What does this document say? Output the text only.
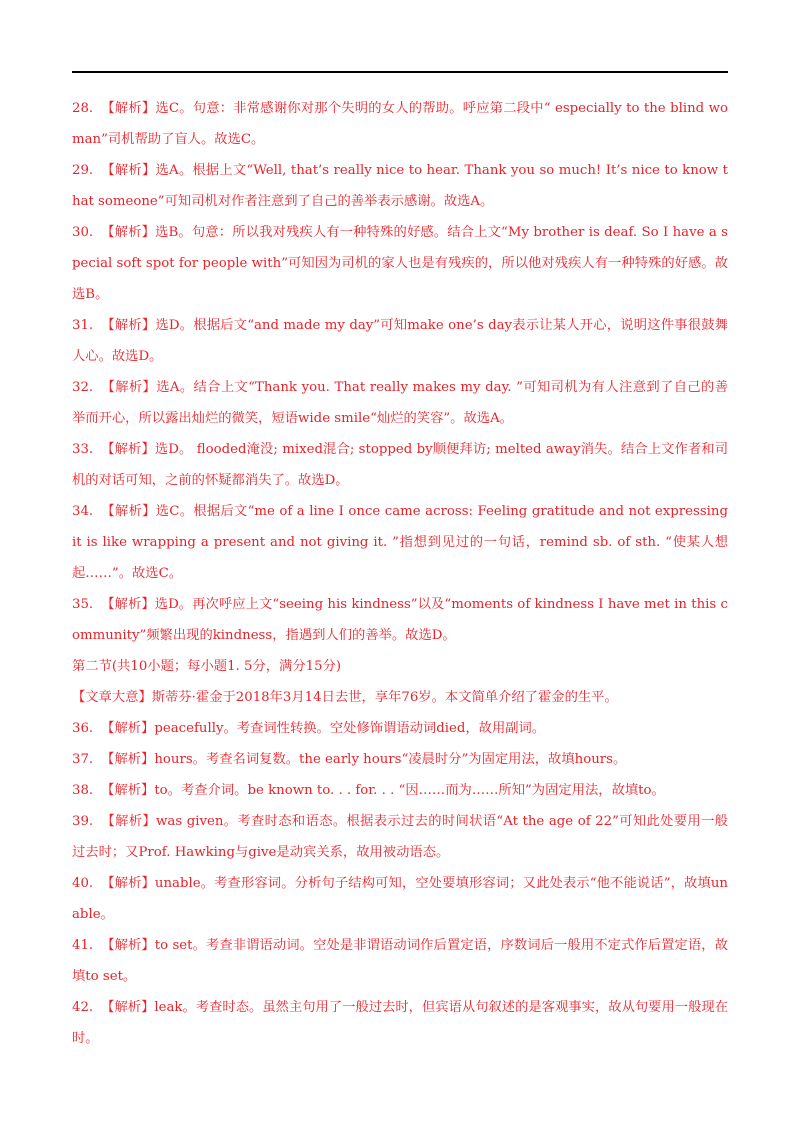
28. 【解析】选C。句意：非常感谢你对那个失明的女人的帮助。呼应第二段中“ especially to the blind woman”司机帮助了盲人。故选C。

29. 【解析】选A。根据上文“Well, that’s really nice to hear. Thank you so much! It’s nice to know that someone”可知司机对作者注意到了自己的善举表示感谢。故选A。

30. 【解析】选B。句意：所以我对残疾人有一种特殊的好感。结合上文“My brother is deaf. So I have a special soft spot for people with”可知因为司机的家人也是有残疾的，所以他对残疾人有一种特殊的好感。故选B。

31. 【解析】选D。根据后文“and made my day”可知make one’s day表示让某人开心，说明这件事很鼓舞人心。故选D。

32. 【解析】选A。结合上文“Thank you. That really makes my day. ”可知司机为有人注意到了自己的善举而开心，所以露出灿烂的微笑，短语wide smile“灿烂的笑容”。故选A。

33. 【解析】选D。 flooded淹没; mixed混合; stopped by顺便拜访; melted away消失。结合上文作者和司机的对话可知，之前的怀疑都消失了。故选D。

34. 【解析】选C。根据后文“me of a line I once came across: Feeling gratitude and not expressing it is like wrapping a present and not giving it. ”指想到见过的一句话，remind sb. of sth. “使某人想起……”。故选C。

35. 【解析】选D。再次呼应上文“seeing his kindness”以及“moments of kindness I have met in this community”频繁出现的kindness，指遇到人们的善举。故选D。

第二节(共10小题；每小题1. 5分，满分15分)

【文章大意】斯蒂芬·霍金于2018年3月14日去世，享年76岁。本文简单介绍了霍金的生平。

36. 【解析】peacefully。考查词性转换。空处修饰谓语动词died，故用副词。

37. 【解析】hours。考查名词复数。the early hours“凌晨时分”为固定用法，故填hours。

38. 【解析】to。考查介词。be known to. . . for. . . “因……而为……所知”为固定用法，故填to。

39. 【解析】was given。考查时态和语态。根据表示过去的时间状语“At the age of 22”可知此处要用一般过去时；又Prof. Hawking与give是动宾关系，故用被动语态。

40. 【解析】unable。考查形容词。分析句子结构可知，空处要填形容词；又此处表示“他不能说话”，故填unable。

41. 【解析】to set。考查非谓语动词。空处是非谓语动词作后置定语，序数词后一般用不定式作后置定语，故填to set。

42. 【解析】leak。考查时态。虽然主句用了一般过去时，但宾语从句叙述的是客观事实，故从句要用一般现在时。
